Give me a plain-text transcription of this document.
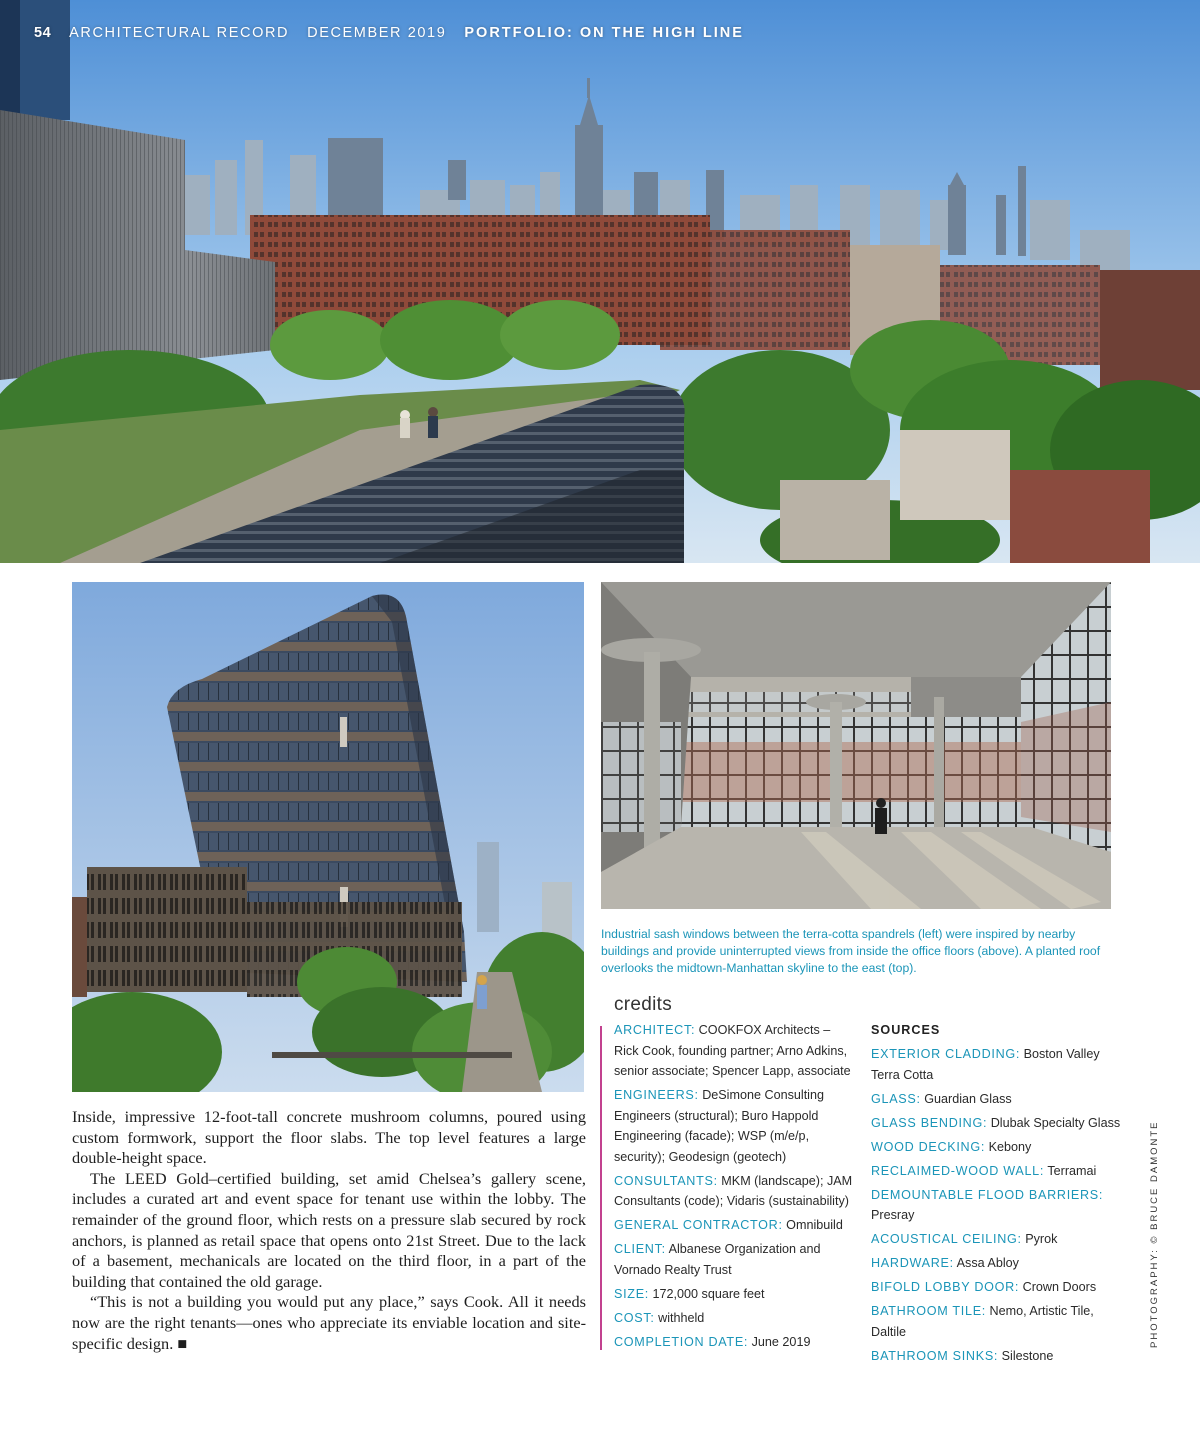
54 ARCHITECTURAL RECORD DECEMBER 2019 PORTFOLIO: ON THE HIGH LINE
Industrial sash windows between the terra-cotta spandrels (left) were inspired by nearby buildings and provide uninterrupted views from inside the office floors (above). A planted roof overlooks the midtown-Manhattan skyline to the east (top).

Inside, impressive 12-foot-tall concrete mushroom columns, poured using custom formwork, support the floor slabs. The top level features a large double-height space.

The LEED Gold–certified building, set amid Chelsea’s gallery scene, includes a curated art and event space for tenant use within the lobby. The remainder of the ground floor, which rests on a pressure slab secured by rock anchors, is planned as retail space that opens onto 21st Street. Due to the lack of a basement, mechanicals are located on the third floor, in a part of the building that contained the old garage.

“This is not a building you would put any place,” says Cook. All it needs now are the right tenants—ones who appreciate its enviable location and site-specific design. ■

credits
ARCHITECT: COOKFOX Architects – Rick Cook, founding partner; Arno Adkins, senior associate; Spencer Lapp, associate
ENGINEERS: DeSimone Consulting Engineers (structural); Buro Happold Engineering (facade); WSP (m/e/p, security); Geodesign (geotech)
CONSULTANTS: MKM (landscape); JAM Consultants (code); Vidaris (sustainability)
GENERAL CONTRACTOR: Omnibuild
CLIENT: Albanese Organization and Vornado Realty Trust
SIZE: 172,000 square feet
COST: withheld
COMPLETION DATE: June 2019
SOURCES
EXTERIOR CLADDING: Boston Valley Terra Cotta
GLASS: Guardian Glass
GLASS BENDING: Dlubak Specialty Glass
WOOD DECKING: Kebony
RECLAIMED-WOOD WALL: Terramai
DEMOUNTABLE FLOOD BARRIERS: Presray
ACOUSTICAL CEILING: Pyrok
HARDWARE: Assa Abloy
BIFOLD LOBBY DOOR: Crown Doors
BATHROOM TILE: Nemo, Artistic Tile, Daltile
BATHROOM SINKS: Silestone
PHOTOGRAPHY: © BRUCE DAMONTE
